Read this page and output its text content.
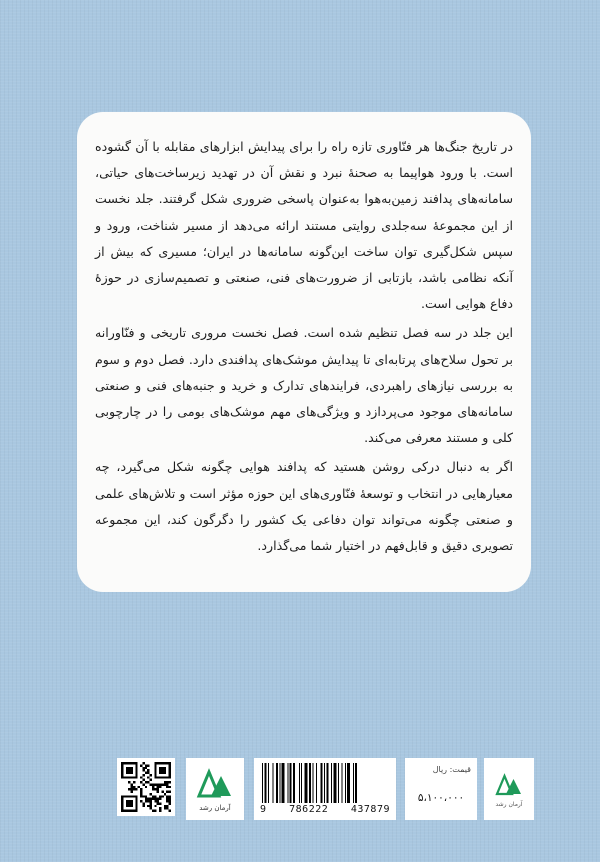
در تاریخ جنگ‌ها هر فنّاوری تازه راه را برای پیدایش ابزارهای مقابله با آن گشوده است. با ورود هواپیما به صحنهٔ نبرد و نقش آن در تهدید زیرساخت‌های حیاتی، سامانه‌های پدافند زمین‌به‌هوا به‌عنوان پاسخی ضروری شکل گرفتند. جلد نخست از این مجموعهٔ سه‌جلدی روایتی مستند ارائه می‌دهد از مسیر شناخت، ورود و سپس شکل‌گیری توان ساخت این‌گونه سامانه‌ها در ایران؛ مسیری که بیش از آنکه نظامی باشد، بازتابی از ضرورت‌های فنی، صنعتی و تصمیم‌سازی در حوزهٔ دفاع هوایی است.

این جلد در سه فصل تنظیم شده است. فصل نخست مروری تاریخی و فنّاورانه بر تحول سلاح‌های پرتابه‌ای تا پیدایش موشک‌های پدافندی دارد. فصل دوم و سوم به بررسی نیازهای راهبردی، فرایندهای تدارک و خرید و جنبه‌های فنی و صنعتی سامانه‌های موجود می‌پردازد و ویژگی‌های مهم موشک‌های بومی را در چارچوبی کلی و مستند معرفی می‌کند.

اگر به دنبال درکی روشن هستید که پدافند هوایی چگونه شکل می‌گیرد، چه معیارهایی در انتخاب و توسعهٔ فنّاوری‌های این حوزه مؤثر است و تلاش‌های علمی و صنعتی چگونه می‌تواند توان دفاعی یک کشور را دگرگون کند، این مجموعه تصویری دقیق و قابل‌فهم در اختیار شما می‌گذارد.

آرمان رشد	9 786222 437879
قیمت: ریال
۵،۱۰۰،۰۰۰	آرمان رشد
